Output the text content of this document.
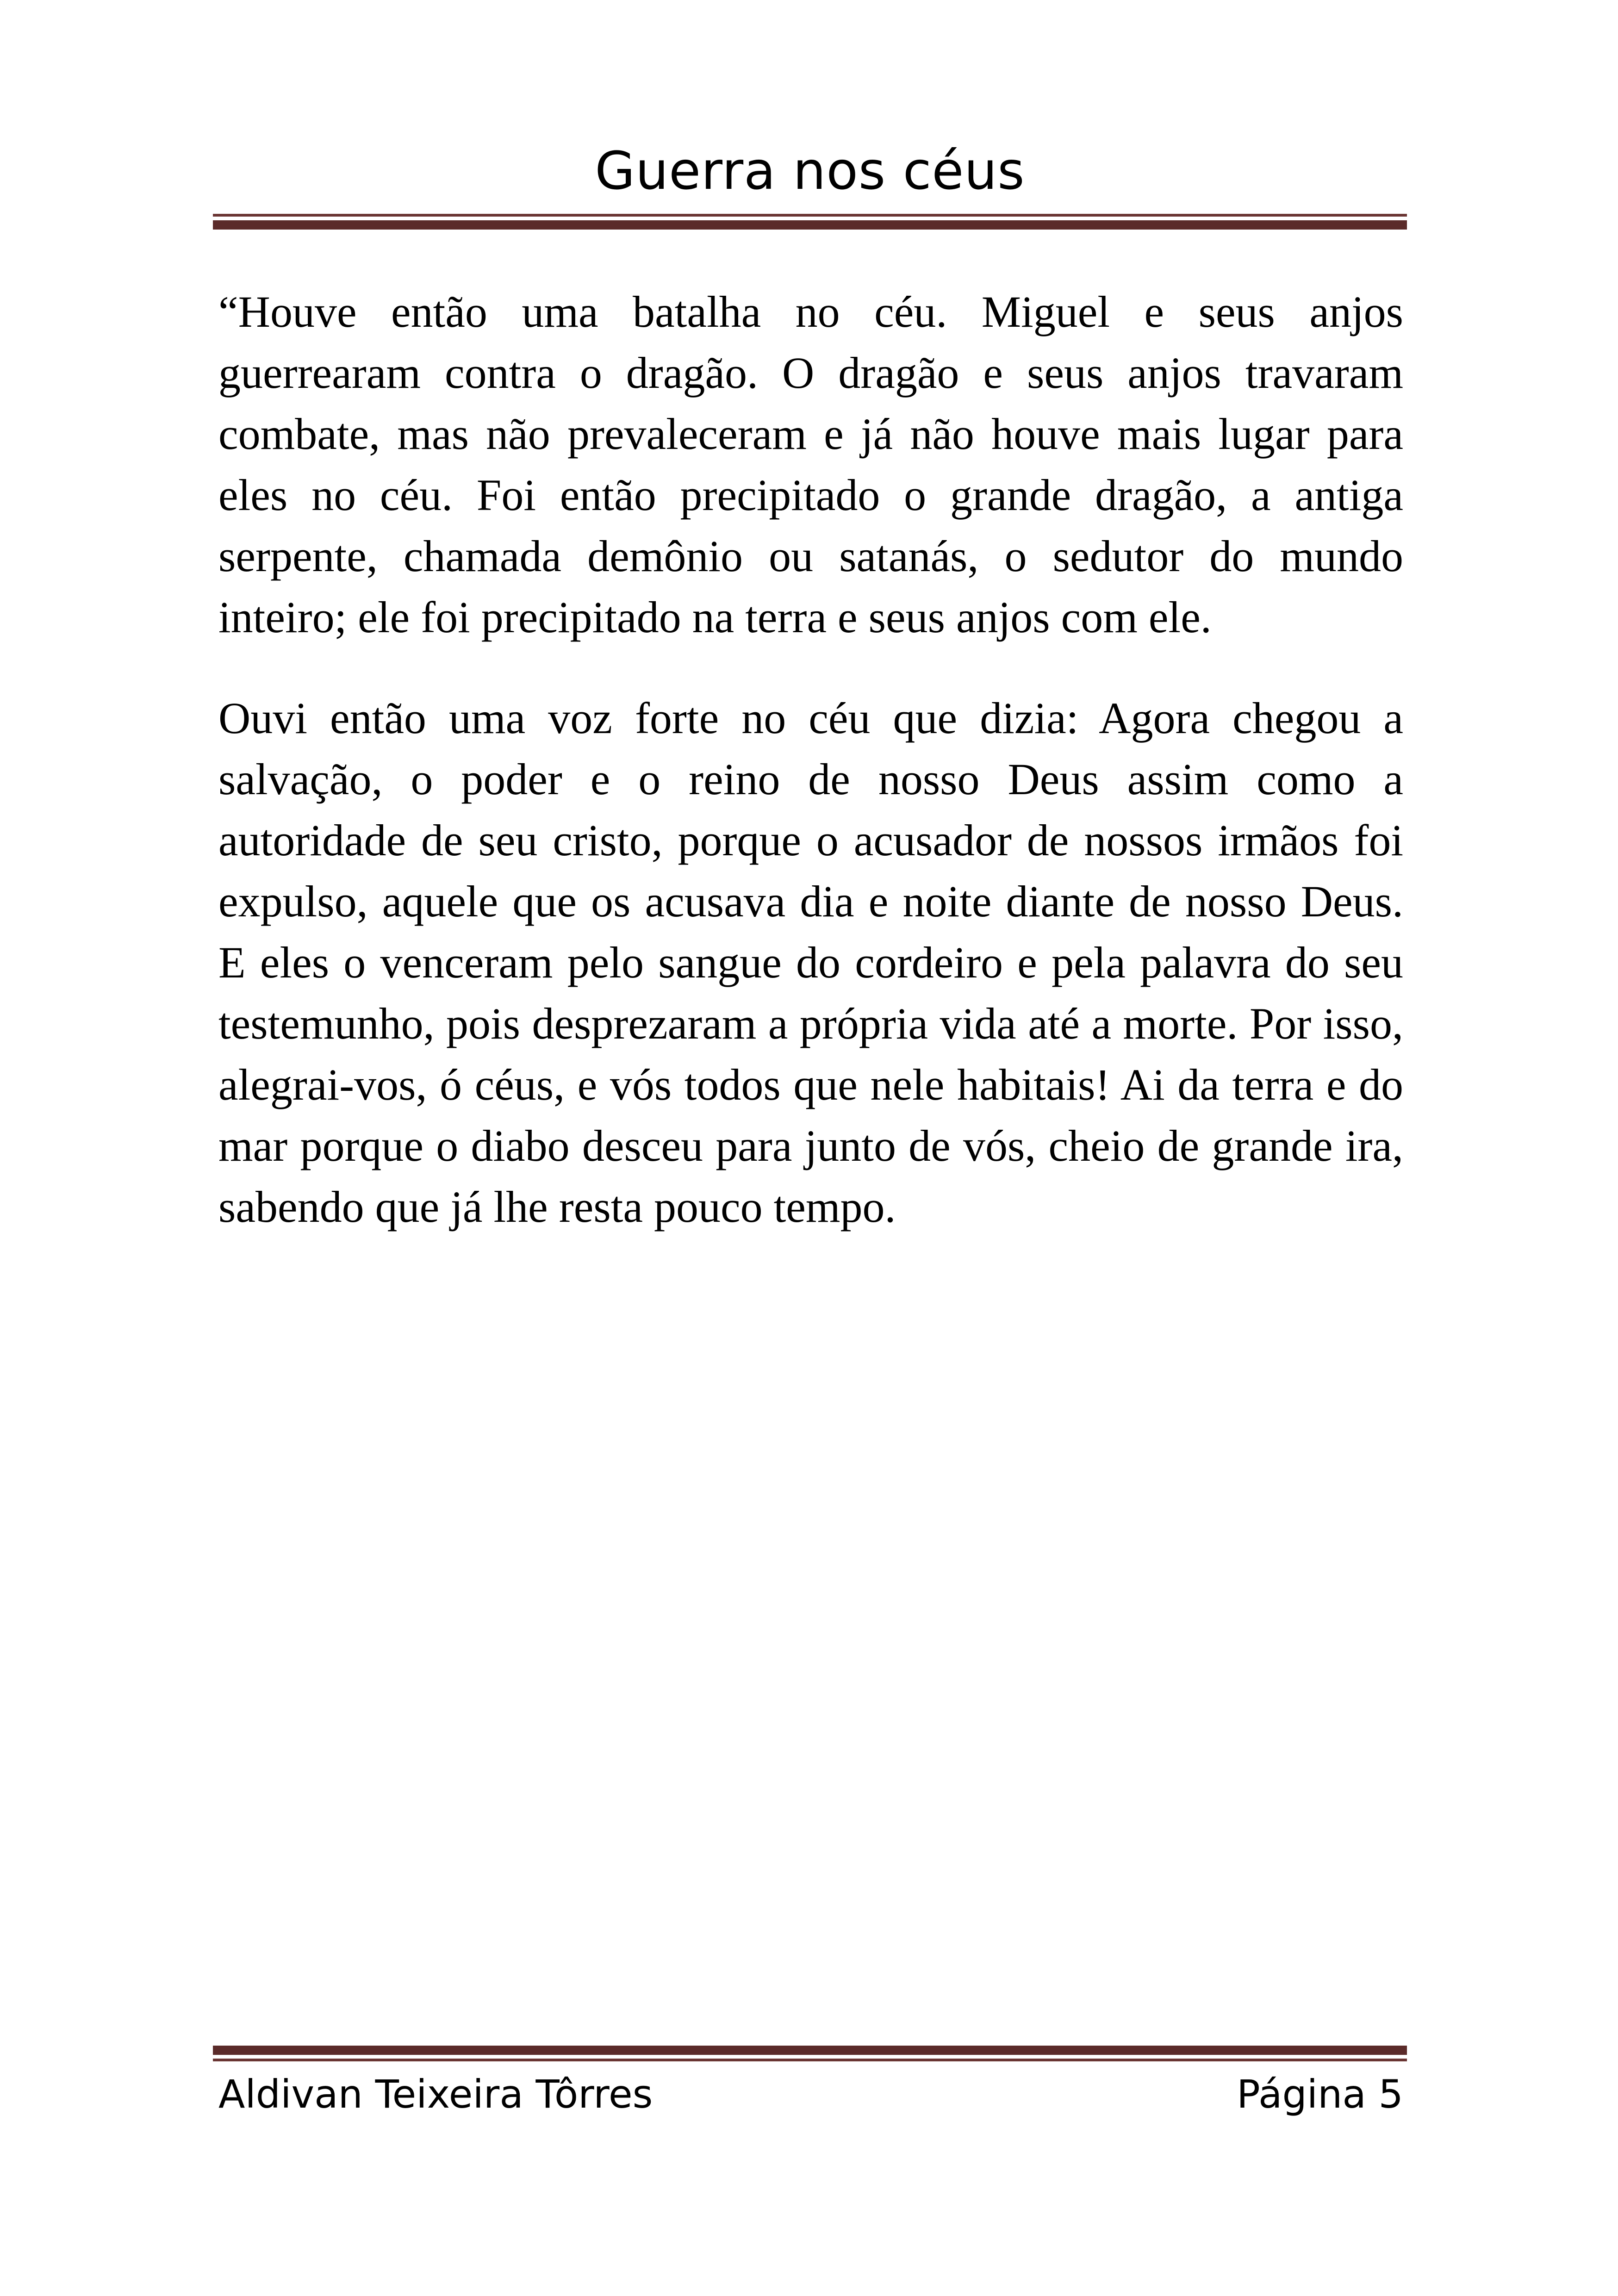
Guerra nos céus

“Houve então uma batalha no céu. Miguel e seus anjos guerrearam contra o dragão. O dragão e seus anjos travaram combate, mas não prevaleceram e já não houve mais lugar para eles no céu. Foi então precipitado o grande dragão, a antiga serpente, chamada demônio ou satanás, o sedutor do mundo inteiro; ele foi precipitado na terra e seus anjos com ele.

Ouvi então uma voz forte no céu que dizia: Agora chegou a salvação, o poder e o reino de nosso Deus assim como a autoridade de seu cristo, porque o acusador de nossos irmãos foi expulso, aquele que os acusava dia e noite diante de nosso Deus. E eles o venceram pelo sangue do cordeiro e pela palavra do seu testemunho, pois desprezaram a própria vida até a morte. Por isso, alegrai-vos, ó céus, e vós todos que nele habitais! Ai da terra e do mar porque o diabo desceu para junto de vós, cheio de grande ira, sabendo que já lhe resta pouco tempo.

Aldivan Teixeira Tôrres	Página 5
